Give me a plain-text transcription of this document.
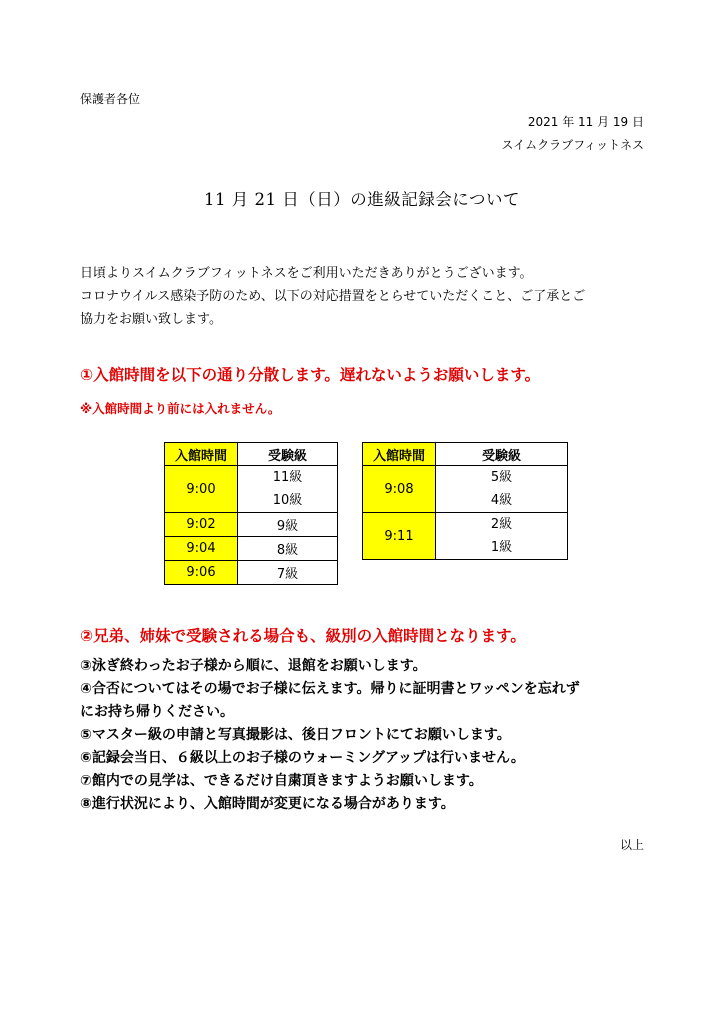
保護者各位
2021 年 11 月 19 日
スイムクラブフィットネス
11 月 21 日（日）の進級記録会について
日頃よりスイムクラブフィットネスをご利用いただきありがとうございます。
コロナウイルス感染予防のため、以下の対応措置をとらせていただくこと、ご了承とご
協力をお願い致します。
①入館時間を以下の通り分散します。遅れないようお願いします。
※入館時間より前には入れません。
入館時間	受験級
9:00	11級
10級

9:02	9級
9:04	8級
9:06	7級
入館時間	受験級
9:08	5級
4級

9:11	2級
1級
②兄弟、姉妹で受験される場合も、級別の入館時間となります。
③泳ぎ終わったお子様から順に、退館をお願いします。
④合否についてはその場でお子様に伝えます。帰りに証明書とワッペンを忘れず
にお持ち帰りください。
⑤マスター級の申請と写真撮影は、後日フロントにてお願いします。
⑥記録会当日、６級以上のお子様のウォーミングアップは行いません。
⑦館内での見学は、できるだけ自粛頂きますようお願いします。
⑧進行状況により、入館時間が変更になる場合があります。
以上
